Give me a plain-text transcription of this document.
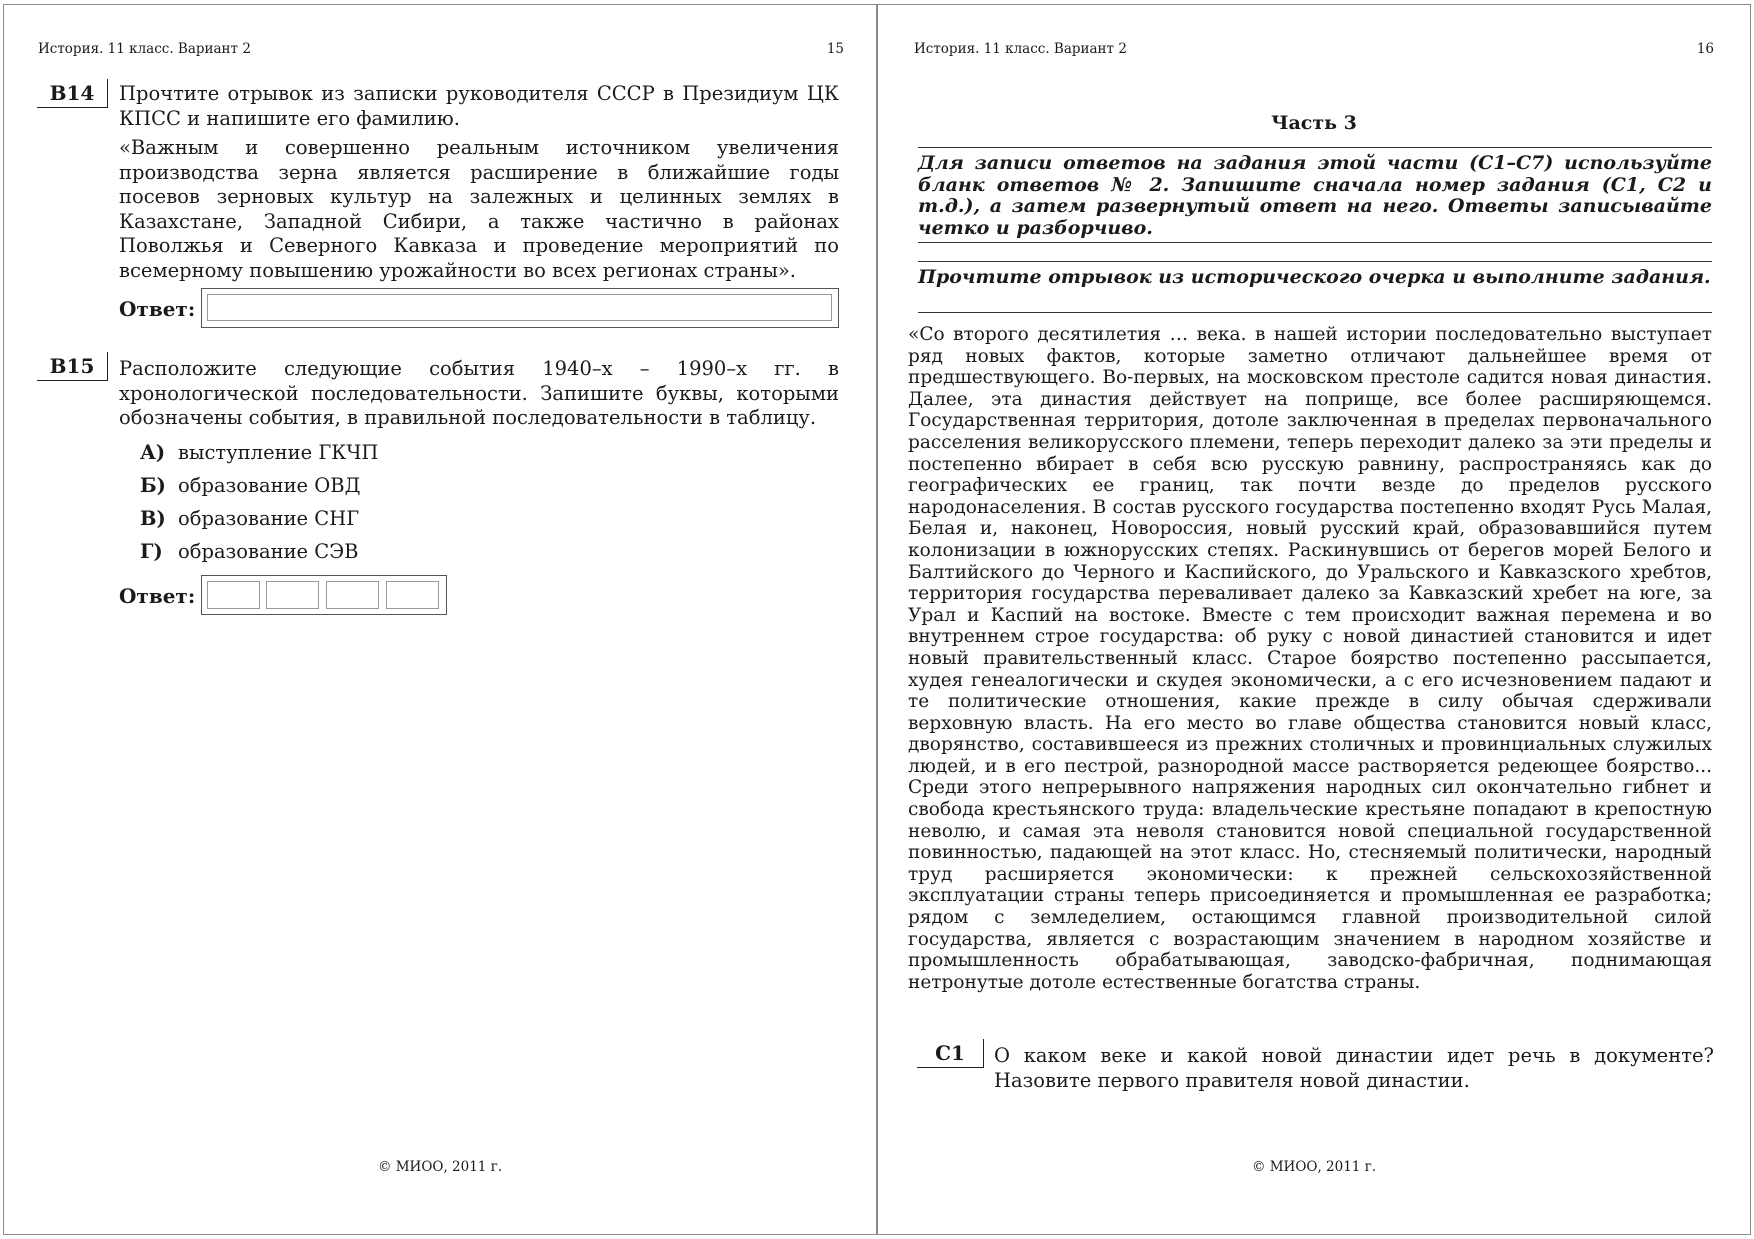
История. 11 класс. Вариант 2	15
B14	Прочтите отрывок из записки руководителя СССР в Президиум ЦК КПСС и напишите его фамилию.
«Важным и совершенно реальным источником увеличения производства зерна является расширение в ближайшие годы посевов зерновых культур на залежных и целинных землях в Казахстане, Западной Сибири, а также частично в районах Поволжья и Северного Кавказа и проведение мероприятий по всемерному повышению урожайности во всех регионах страны».
Ответ:
B15	Расположите следующие события 1940–х – 1990–х гг. в хронологической последовательности. Запишите буквы, которыми обозначены события, в правильной последовательности в таблицу.
А) выступление ГКЧП
Б) образование ОВД
В) образование СНГ
Г) образование СЭВ
Ответ:
© МИОО, 2011 г.
История. 11 класс. Вариант 2	16
Часть 3
Для записи ответов на задания этой части (С1–С7) используйте бланк ответов № 2. Запишите сначала номер задания (С1, С2 и т.д.), а затем развернутый ответ на него. Ответы записывайте четко и разборчиво.
Прочтите отрывок из исторического очерка и выполните задания.
«Со второго десятилетия … века. в нашей истории последовательно выступает ряд новых фактов, которые заметно отличают дальнейшее время от предшествующего. Во-первых, на московском престоле садится новая династия. Далее, эта династия действует на поприще, все более расширяющемся. Государственная территория, дотоле заключенная в пределах первоначального расселения великорусского племени, теперь переходит далеко за эти пределы и постепенно вбирает в себя всю русскую равнину, распространяясь как до географических ее границ, так почти везде до пределов русского народонаселения. В состав русского государства постепенно входят Русь Малая, Белая и, наконец, Новороссия, новый русский край, образовавшийся путем колонизации в южнорусских степях. Раскинувшись от берегов морей Белого и Балтийского до Черного и Каспийского, до Уральского и Кавказского хребтов, территория государства переваливает далеко за Кавказский хребет на юге, за Урал и Каспий на востоке. Вместе с тем происходит важная перемена и во внутреннем строе государства: об руку с новой династией становится и идет новый правительственный класс. Старое боярство постепенно рассыпается, худея генеалогически и скудея экономически, а с его исчезновением падают и те политические отношения, какие прежде в силу обычая сдерживали верховную власть. На его место во главе общества становится новый класс, дворянство, составившееся из прежних столичных и провинциальных служилых людей, и в его пестрой, разнородной массе растворяется редеющее боярство... Среди этого непрерывного напряжения народных сил окончательно гибнет и свобода крестьянского труда: владельческие крестьяне попадают в крепостную неволю, и самая эта неволя становится новой специальной государственной повинностью, падающей на этот класс. Но, стесняемый политически, народный труд расширяется экономически: к прежней сельскохозяйственной эксплуатации страны теперь присоединяется и промышленная ее разработка; рядом с земледелием, остающимся главной производительной силой государства, является с возрастающим значением в народном хозяйстве и промышленность обрабатывающая, заводско-фабричная, поднимающая нетронутые дотоле естественные богатства страны.
С1	О каком веке и какой новой династии идет речь в документе? Назовите первого правителя новой династии.
© МИОО, 2011 г.
